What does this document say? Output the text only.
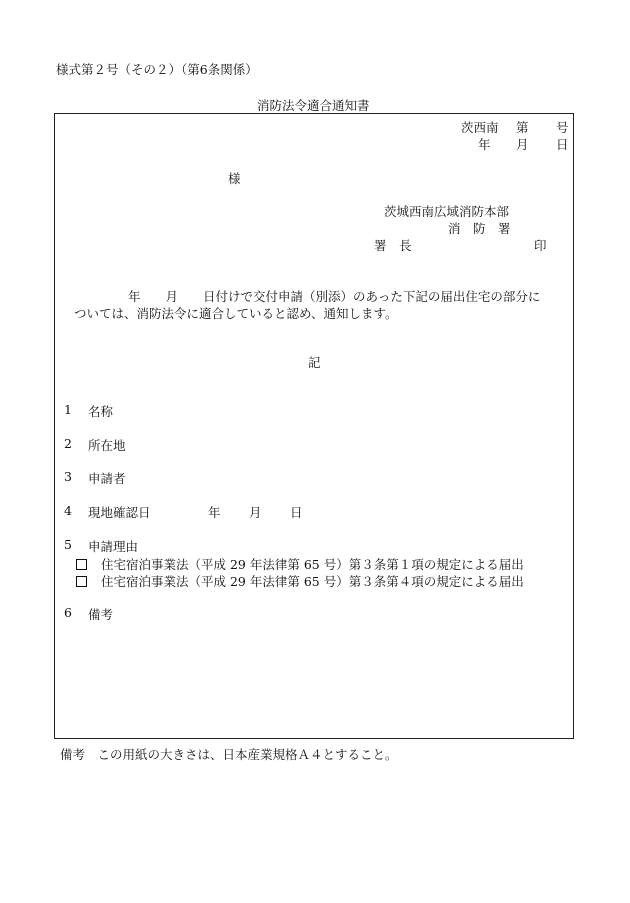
様式第２号（その２）（第6条関係）
消防法令適合通知書
茨西南 第 号
年 月 日
様
茨城西南広域消防本部
消　防　署
署　長	印
年　　月　　日付けで交付申請（別添）のあった下記の届出住宅の部分に
ついては、消防法令に適合していると認め、通知します。
記
1 名称
2 所在地
3 申請者
4 現地確認日	年 月 日
5 申請理由
住宅宿泊事業法（平成 29 年法律第 65 号）第３条第１項の規定による届出
住宅宿泊事業法（平成 29 年法律第 65 号）第３条第４項の規定による届出
6 備考
備考　この用紙の大きさは、日本産業規格Ａ４とすること。
